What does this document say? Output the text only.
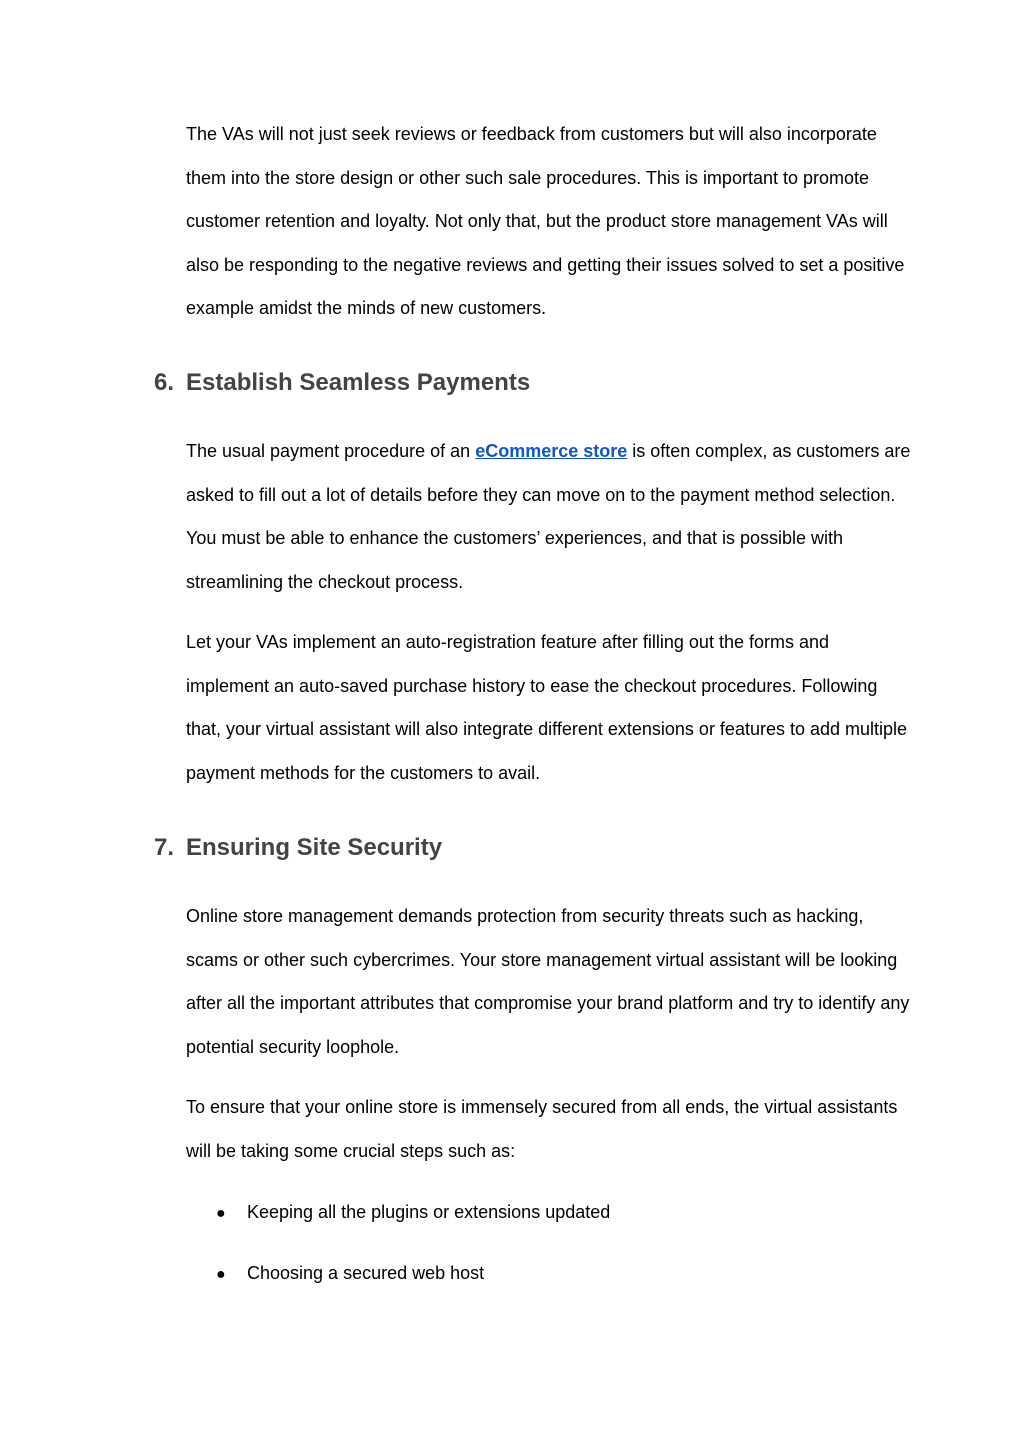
The VAs will not just seek reviews or feedback from customers but will also incorporate them into the store design or other such sale procedures. This is important to promote customer retention and loyalty. Not only that, but the product store management VAs will also be responding to the negative reviews and getting their issues solved to set a positive example amidst the minds of new customers.

6. Establish Seamless Payments

The usual payment procedure of an eCommerce store is often complex, as customers are asked to fill out a lot of details before they can move on to the payment method selection. You must be able to enhance the customers’ experiences, and that is possible with streamlining the checkout process.

Let your VAs implement an auto-registration feature after filling out the forms and implement an auto-saved purchase history to ease the checkout procedures. Following that, your virtual assistant will also integrate different extensions or features to add multiple payment methods for the customers to avail.

7. Ensuring Site Security

Online store management demands protection from security threats such as hacking, scams or other such cybercrimes. Your store management virtual assistant will be looking after all the important attributes that compromise your brand platform and try to identify any potential security loophole.

To ensure that your online store is immensely secured from all ends, the virtual assistants will be taking some crucial steps such as:

● Keeping all the plugins or extensions updated
● Choosing a secured web host
